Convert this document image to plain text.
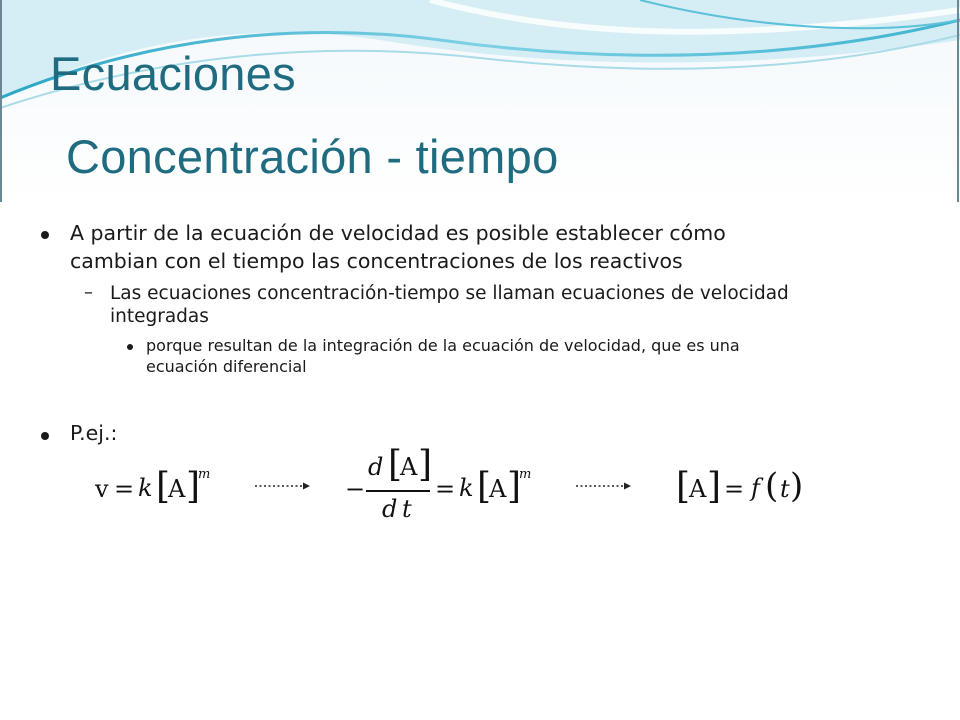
Ecuaciones
Concentración - tiempo
A partir de la ecuación de velocidad es posible establecer cómo
cambian con el tiempo las concentraciones de los reactivos
– Las ecuaciones concentración-tiempo se llaman ecuaciones de velocidad
integradas
porque resultan de la integración de la ecuación de velocidad, que es una
ecuación diferencial
P.ej.:
v = k [
A ]
m
−
d [
A ]
d t
= k [
A ]
m	[
A ] = f ( t )
